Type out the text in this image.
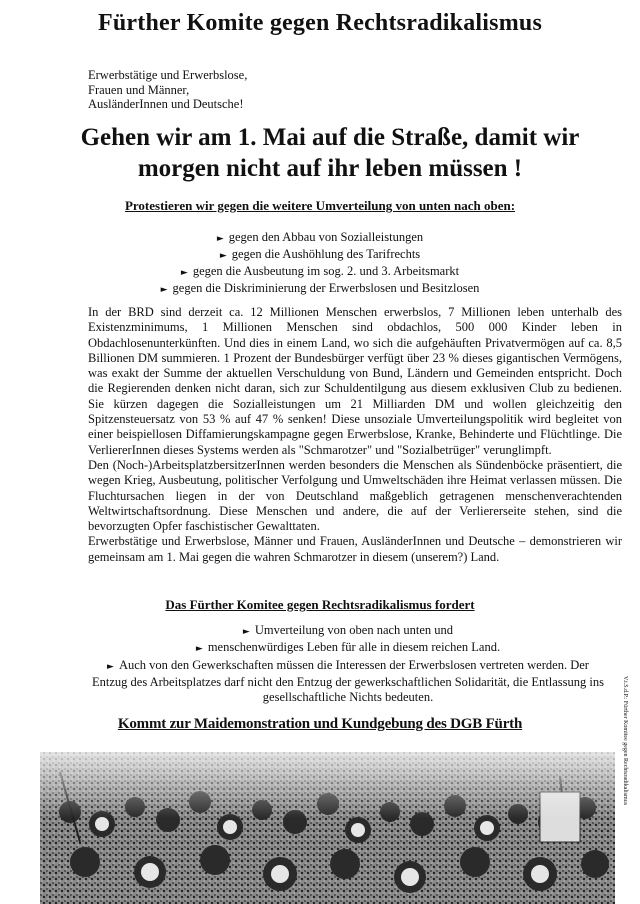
Fürther Komite gegen Rechtsradikalismus
Erwerbstätige und Erwerbslose,
Frauen und Männer,
AusländerInnen und Deutsche!
Gehen wir am 1. Mai auf die Straße, damit wir
morgen nicht auf ihr leben müssen !
Protestieren wir gegen die weitere Umverteilung von unten nach oben:
► gegen den Abbau von Sozialleistungen
► gegen die Aushöhlung des Tarifrechts
► gegen die Ausbeutung im sog. 2. und 3. Arbeitsmarkt
► gegen die Diskriminierung der Erwerbslosen und Besitzlosen

In der BRD sind derzeit ca. 12 Millionen Menschen erwerbslos, 7 Millionen leben unterhalb des Existenzminimums, 1 Millionen Menschen sind obdachlos, 500 000 Kinder leben in Obdachlosenunterkünften. Und dies in einem Land, wo sich die aufgehäuften Privatvermögen auf ca. 8,5 Billionen DM summieren. 1 Prozent der Bundesbürger verfügt über 23 % dieses gigantischen Vermögens, was exakt der Summe der aktuellen Verschuldung von Bund, Ländern und Gemeinden entspricht. Doch die Regierenden denken nicht daran, sich zur Schuldentilgung aus diesem exklusiven Club zu bedienen. Sie kürzen dagegen die Sozialleistungen um 21 Milliarden DM und wollen gleichzeitig den Spitzensteuersatz von 53 % auf 47 % senken! Diese unsoziale Umverteilungspolitik wird begleitet von einer beispiellosen Diffamierungskampagne gegen Erwerbslose, Kranke, Behinderte und Flüchtlinge. Die VerliererInnen dieses Systems werden als "Schmarotzer" und "Sozialbetrüger" verunglimpft.

Den (Noch-)ArbeitsplatzbersitzerInnen werden besonders die Menschen als Sündenböcke präsentiert, die wegen Krieg, Ausbeutung, politischer Verfolgung und Umweltschäden ihre Heimat verlassen müssen. Die Fluchtursachen liegen in der von Deutschland maßgeblich getragenen menschenverachtenden Weltwirtschaftsordnung. Diese Menschen und andere, die auf der Verliererseite stehen, sind die bevorzugten Opfer faschistischer Gewalttaten.

Erwerbstätige und Erwerbslose, Männer und Frauen, AusländerInnen und Deutsche – demonstrieren wir gemeinsam am 1. Mai gegen die wahren Schmarotzer in diesem (unserem?) Land.

Das Fürther Komitee gegen Rechtsradikalismus fordert

► Umverteilung von oben nach unten und

► menschenwürdiges Leben für alle in diesem reichen Land.

► Auch von den Gewerkschaften müssen die Interessen der Erwerbslosen vertreten werden. Der Entzug des Arbeitsplatzes darf nicht den Entzug der gewerkschaftlichen Solidarität, die Entlassung ins gesellschaftliche Nichts bedeuten.

Kommt zur Maidemonstration und Kundgebung des DGB Fürth	V.i.S.d.P.: Fürther Komitee gegen Rechtsradikalismus
